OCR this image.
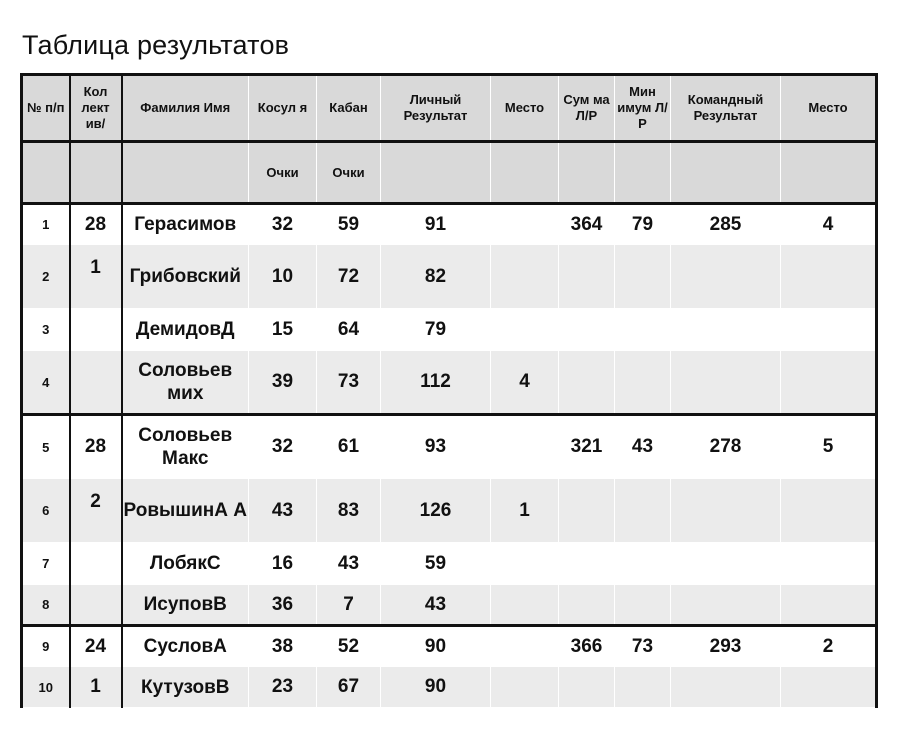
Таблица результатов
№ п/п	Кол лект ив/	Фамилия Имя	Косул я	Кабан	Личный Результат	Место	Сум ма Л/Р	Мин имум Л/Р	Командный Результат	Место
			Очки	Очки						
1	28	Герасимов	32	59	91		364	79	285	4
2	1	Грибовский	10	72	82					
3		ДемидовД	15	64	79					
4		Соловьев мих	39	73	112	4				
5	28	Соловьев Макс	32	61	93		321	43	278	5
6	2	РовышинА А	43	83	126	1				
7		ЛобякС	16	43	59					
8		ИсуповВ	36	7	43					
9	24	СусловА	38	52	90		366	73	293	2
10	1	КутузовВ	23	67	90					
